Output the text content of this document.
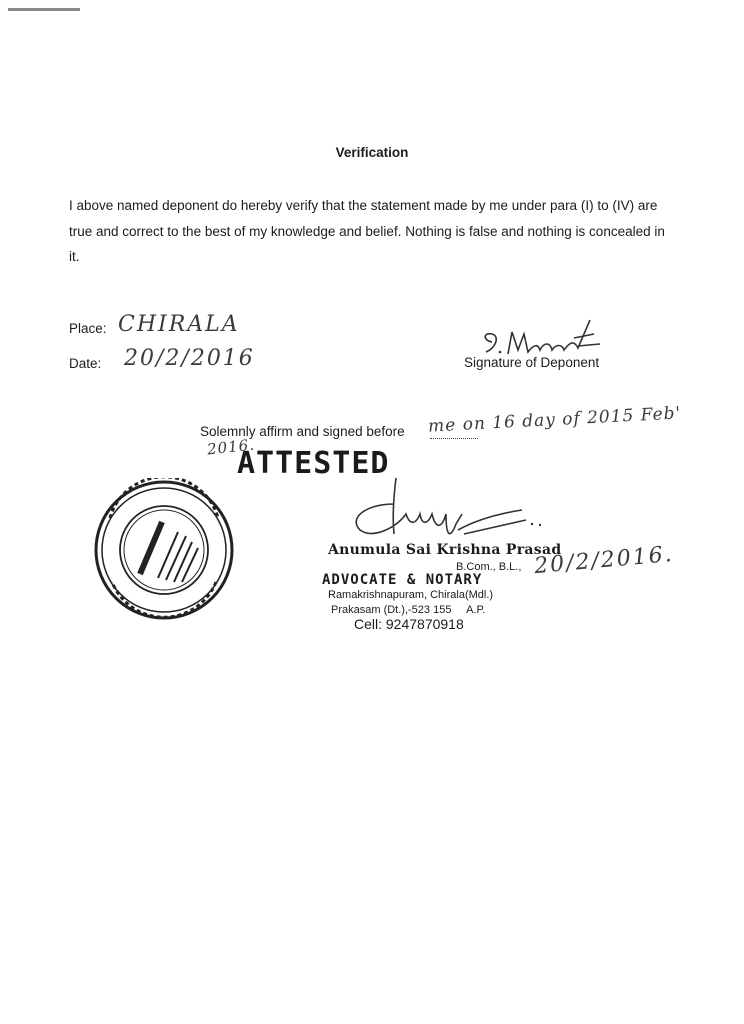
Verification
I above named deponent do hereby verify that the statement made by me under para (I) to (IV) are true and correct to the best of my knowledge and belief. Nothing is false and nothing is concealed in it.
Place: CHIRALA
Date: 20/2/2016	Signature of Deponent
Solemnly affirm and signed before me on 16 day of 2015 Feb'
2016.
ATTESTED
Anumula Sai Krishna Prasad
B.Com., B.L.,
ADVOCATE & NOTARY
Ramakrishnapuram, Chirala(Mdl.)
Prakasam (Dt.),-523 155     A.P.
Cell: 9247870918
20/2/2016.
